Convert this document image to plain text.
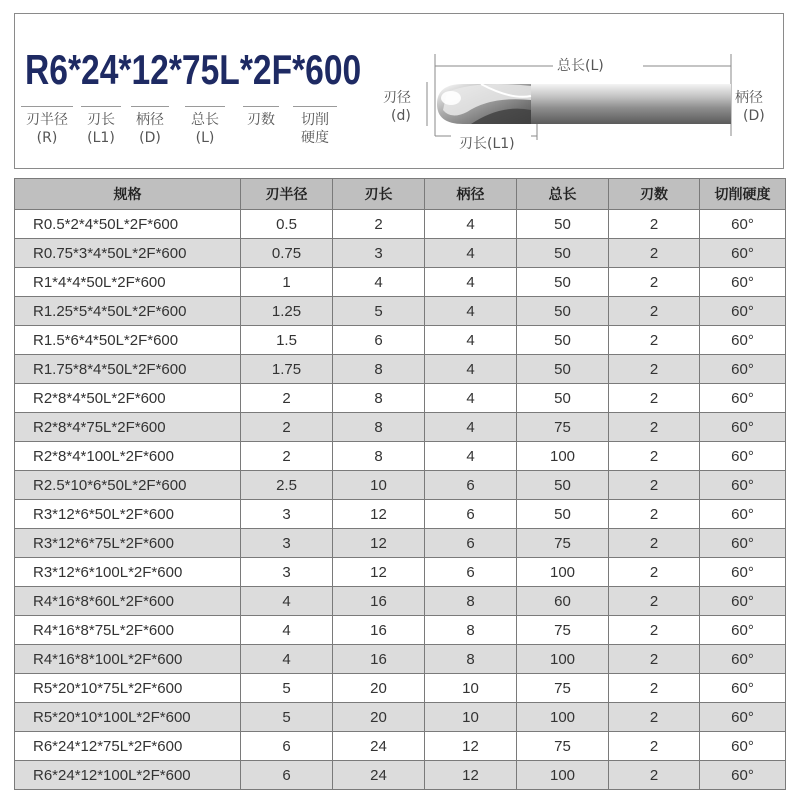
R6*24*12*75L*2F*600
刃半径
(R)
刃长
(L1)
柄径
(D)
总长
(L)
刃数	切削
硬度
总长(L)
刃径
(d)
柄径
(D)
刃长(L1)
规格	刃半径	刃长	柄径	总长	刃数	切削硬度
R0.5*2*4*50L*2F*600	0.5	2	4	50	2	60°
R0.75*3*4*50L*2F*600	0.75	3	4	50	2	60°
R1*4*4*50L*2F*600	1	4	4	50	2	60°
R1.25*5*4*50L*2F*600	1.25	5	4	50	2	60°
R1.5*6*4*50L*2F*600	1.5	6	4	50	2	60°
R1.75*8*4*50L*2F*600	1.75	8	4	50	2	60°
R2*8*4*50L*2F*600	2	8	4	50	2	60°
R2*8*4*75L*2F*600	2	8	4	75	2	60°
R2*8*4*100L*2F*600	2	8	4	100	2	60°
R2.5*10*6*50L*2F*600	2.5	10	6	50	2	60°
R3*12*6*50L*2F*600	3	12	6	50	2	60°
R3*12*6*75L*2F*600	3	12	6	75	2	60°
R3*12*6*100L*2F*600	3	12	6	100	2	60°
R4*16*8*60L*2F*600	4	16	8	60	2	60°
R4*16*8*75L*2F*600	4	16	8	75	2	60°
R4*16*8*100L*2F*600	4	16	8	100	2	60°
R5*20*10*75L*2F*600	5	20	10	75	2	60°
R5*20*10*100L*2F*600	5	20	10	100	2	60°
R6*24*12*75L*2F*600	6	24	12	75	2	60°
R6*24*12*100L*2F*600	6	24	12	100	2	60°
